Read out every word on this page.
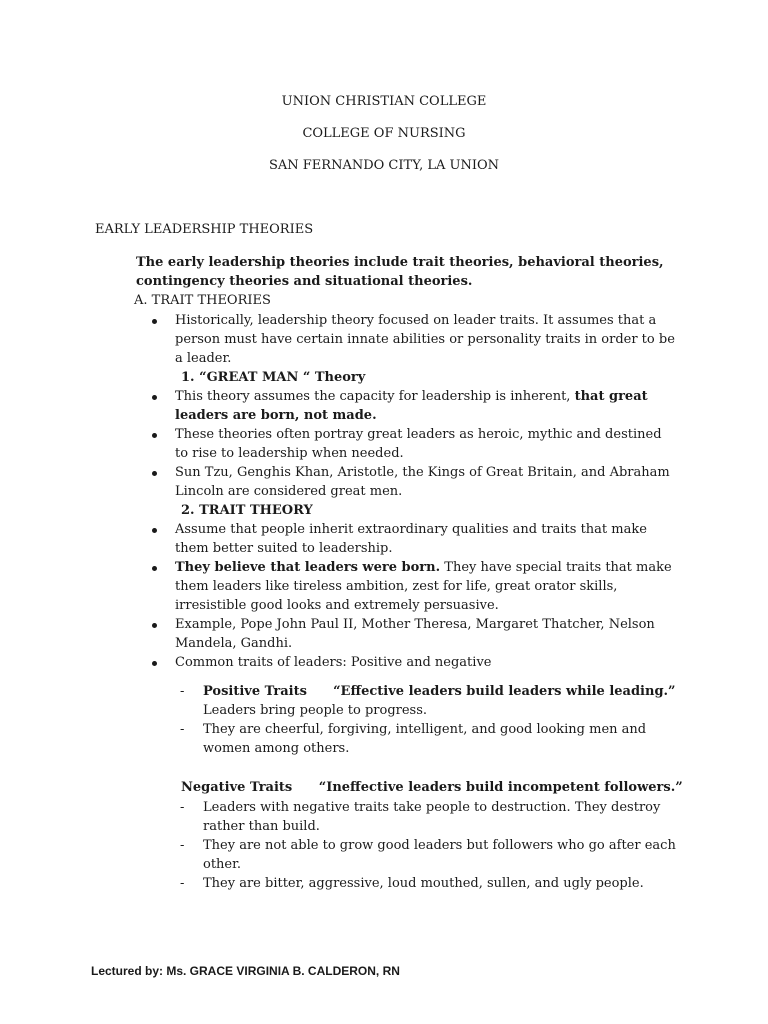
UNION CHRISTIAN COLLEGE
COLLEGE OF NURSING
SAN FERNANDO CITY, LA UNION
EARLY LEADERSHIP THEORIES
The early leadership theories include trait theories, behavioral theories, contingency theories and situational theories.
A. TRAIT THEORIES
Historically, leadership theory focused on leader traits. It assumes that a person must have certain innate abilities or personality traits in order to be a leader.
1. “GREAT MAN “ Theory
This theory assumes the capacity for leadership is inherent, that great leaders are born, not made.
These theories often portray great leaders as heroic, mythic and destined to rise to leadership when needed.
Sun Tzu, Genghis Khan, Aristotle, the Kings of Great Britain, and Abraham Lincoln are considered great men.
2. TRAIT THEORY
Assume that people inherit extraordinary qualities and traits that make them better suited to leadership.
They believe that leaders were born. They have special traits that make them leaders like tireless ambition, zest for life, great orator skills, irresistible good looks and extremely persuasive.
Example, Pope John Paul II, Mother Theresa, Margaret Thatcher, Nelson Mandela, Gandhi.
Common traits of leaders: Positive and negative
- Positive Traits “Effective leaders build leaders while leading.”
Leaders bring people to progress.
- They are cheerful, forgiving, intelligent, and good looking men and women among others.
Negative Traits “Ineffective leaders build incompetent followers.”
- Leaders with negative traits take people to destruction. They destroy rather than build.
- They are not able to grow good leaders but followers who go after each other.
- They are bitter, aggressive, loud mouthed, sullen, and ugly people.
Lectured by: Ms. GRACE VIRGINIA B. CALDERON, RN
